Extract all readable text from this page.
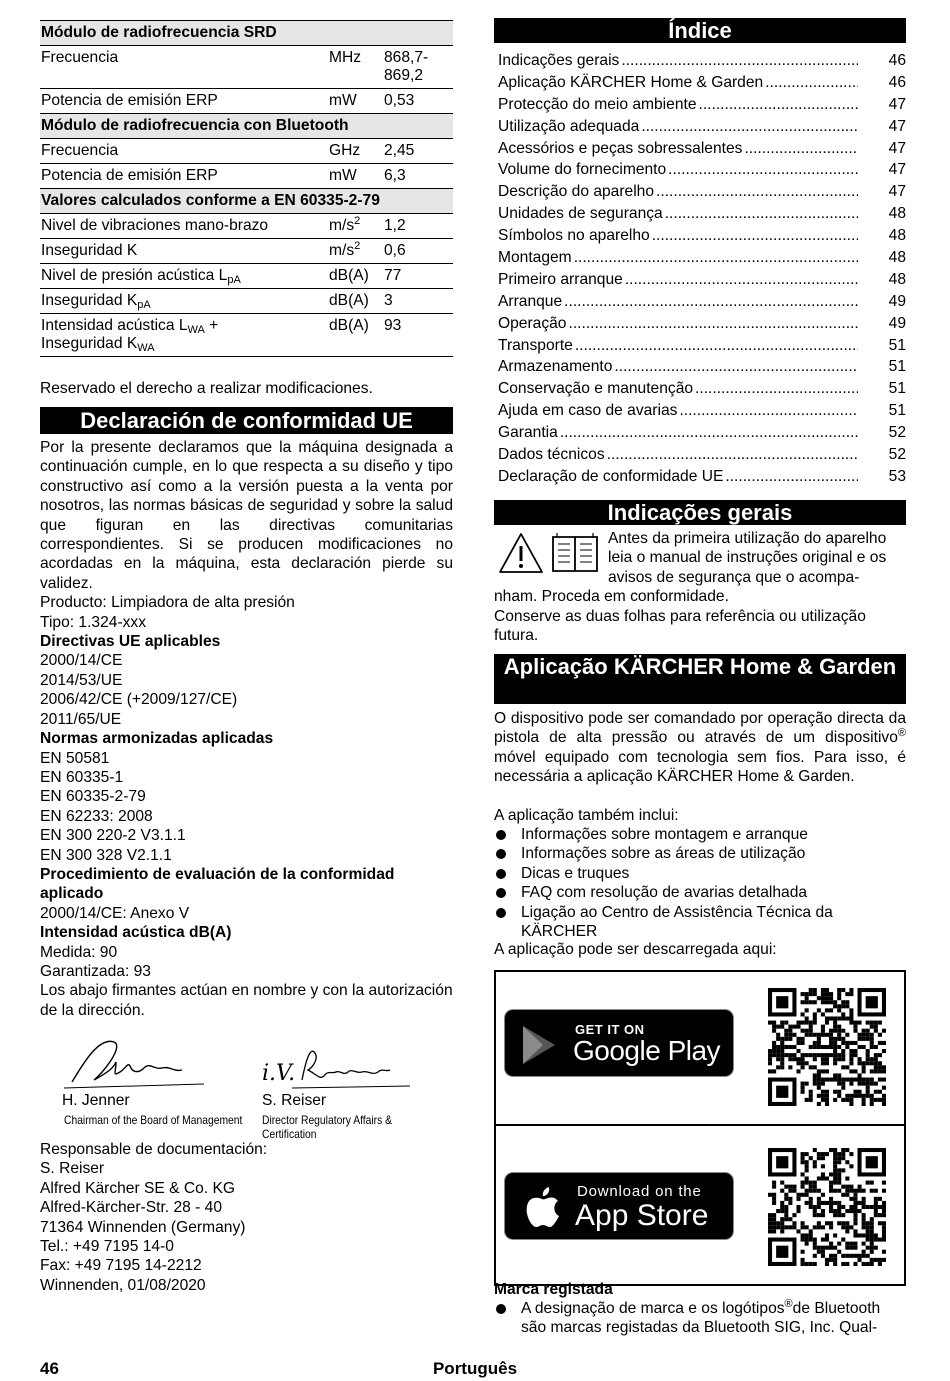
Módulo de radiofrecuencia SRD		
Frecuencia	MHz	868,7-869,2
Potencia de emisión ERP	mW	0,53
Módulo de radiofrecuencia con Bluetooth		
Frecuencia	GHz	2,45
Potencia de emisión ERP	mW	6,3
Valores calculados conforme a EN 60335-2-79		
Nivel de vibraciones mano-brazo	$m/s^2$	1,2
Inseguridad K	$m/s^2$	0,6
Nivel de presión acústica $L_{pA}$	dB(A)	77
Inseguridad $K_{pA}$	dB(A)	3
Intensidad acústica $L_{WA}$ +
Inseguridad $K_{WA}$	dB(A)	93
Reservado el derecho a realizar modificaciones.
Declaración de conformidad UE
Por la presente declaramos que la máquina designada a continuación cumple, en lo que respecta a su diseño y tipo constructivo así como a la versión puesta a la venta por nosotros, las normas básicas de seguridad y sobre la salud que figuran en las directivas comunitarias correspondientes. Si se producen modificaciones no acordadas en la máquina, esta declaración pierde su validez.
Producto: Limpiadora de alta presión
Tipo: 1.324-xxx
Directivas UE aplicables
2000/14/CE
2014/53/UE
2006/42/CE (+2009/127/CE)
2011/65/UE
Normas armonizadas aplicadas
EN 50581
EN 60335-1
EN 60335-2-79
EN 62233: 2008
EN 300 220-2 V3.1.1
EN 300 328 V2.1.1
Procedimiento de evaluación de la conformidad aplicado
2000/14/CE: Anexo V
Intensidad acústica dB(A)
Medida: 90
Garantizada: 93
Los abajo firmantes actúan en nombre y con la autorización de la dirección.
i.V.
H. Jenner
Chairman of the Board of Management
S. Reiser
Director Regulatory Affairs & Certification
Responsable de documentación:
S. Reiser
Alfred Kärcher SE & Co. KG
Alfred-Kärcher-Str. 28 - 40
71364 Winnenden (Germany)
Tel.: +49 7195 14-0
Fax: +49 7195 14-2212
Winnenden, 01/08/2020
Índice
Indicações gerais .....	46
Aplicação KÄRCHER Home & Garden .....	46
Protecção do meio ambiente .....	47
Utilização adequada .....	47
Acessórios e peças sobressalentes .....	47
Volume do fornecimento .....	47
Descrição do aparelho .....	47
Unidades de segurança .....	48
Símbolos no aparelho .....	48
Montagem .....	48
Primeiro arranque .....	48
Arranque .....	49
Operação .....	49
Transporte .....	51
Armazenamento .....	51
Conservação e manutenção .....	51
Ajuda em caso de avarias .....	51
Garantia .....	52
Dados técnicos .....	52
Declaração de conformidade UE .....	53
Indicações gerais
Antes da primeira utilização do aparelho
leia o manual de instruções original e os
avisos de segurança que o acompa-
nham. Proceda em conformidade.
Conserve as duas folhas para referência ou utilização futura.
Aplicação KÄRCHER Home & Garden
O dispositivo pode ser comandado por operação directa da pistola de alta pressão ou através de um dispositivo® móvel equipado com tecnologia sem fios. Para isso, é necessária a aplicação KÄRCHER Home & Garden.
A aplicação também inclui:
Informações sobre montagem e arranque
Informações sobre as áreas de utilização
Dicas e truques
FAQ com resolução de avarias detalhada
Ligação ao Centro de Assistência Técnica da KÄRCHER
A aplicação pode ser descarregada aqui:
GET IT ON
Google Play
Download on the
App Store
Marca registada
A designação de marca e os logótipos®de Bluetooth são marcas registadas da Bluetooth SIG, Inc. Qual-
46	Português
